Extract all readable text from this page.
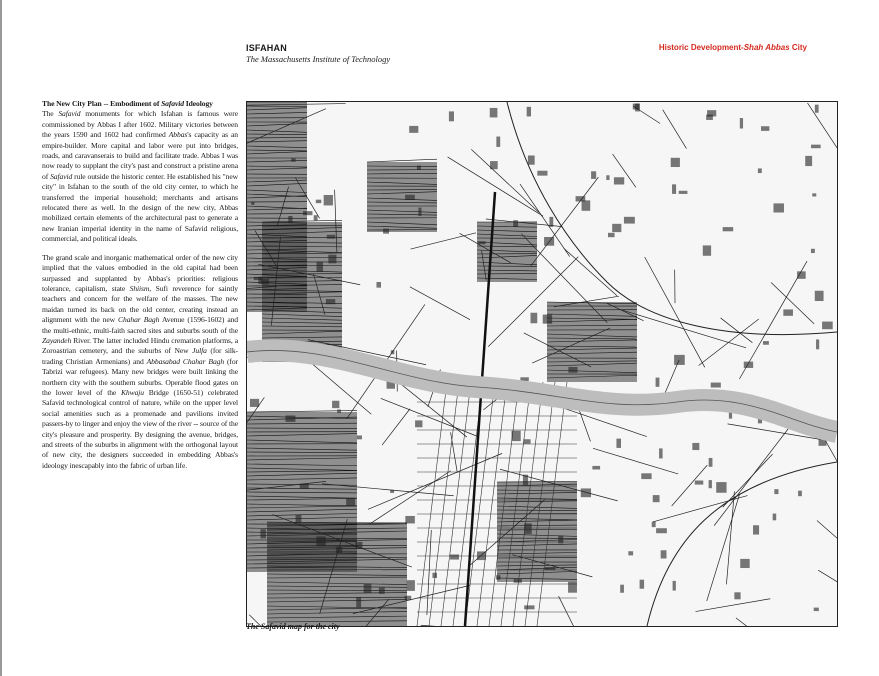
ISFAHAN
The Massachusetts Institute of Technology
Historic Development-Shah Abbas City
The New City Plan -- Embodiment of Safavid Ideology

The Safavid monuments for which Isfahan is famous were commissioned by Abbas I after 1602. Military victories between the years 1590 and 1602 had confirmed Abbas's capacity as an empire-builder. More capital and labor were put into bridges, roads, and caravanserais to build and facilitate trade. Abbas I was now ready to supplant the city's past and construct a pristine arena of Safavid rule outside the historic center. He established his "new city" in Isfahan to the south of the old city center, to which he transferred the imperial household; merchants and artisans relocated there as well. In the design of the new city, Abbas mobilized certain elements of the architectural past to generate a new Iranian imperial identity in the name of Safavid religious, commercial, and political ideals.

The grand scale and inorganic mathematical order of the new city implied that the values embodied in the old capital had been surpassed and supplanted by Abbas's priorities: religious tolerance, capitalism, state Shiism, Sufi reverence for saintly teachers and concern for the welfare of the masses. The new maidan turned its back on the old center, creating instead an alignment with the new Chahar Bagh Avenue (1596-1602) and the multi-ethnic, multi-faith sacred sites and suburbs south of the Zayandeh River. The latter included Hindu cremation platforms, a Zoroastrian cemetery, and the suburbs of New Julfa (for silk-trading Christian Armenians) and Abbasabad Chahar Bagh (for Tabrizi war refugees). Many new bridges were built linking the northern city with the southern suburbs. Operable flood gates on the lower level of the Khwaju Bridge (1650-51) celebrated Safavid technological control of nature, while on the upper level social amenities such as a promenade and pavilions invited passers-by to linger and enjoy the view of the river -- source of the city's pleasure and prosperity. By designing the avenue, bridges, and streets of the suburbs in alignment with the orthogonal layout of new city, the designers succeeded in embedding Abbas's ideology inescapably into the fabric of urban life.

The Safavid map for the city
